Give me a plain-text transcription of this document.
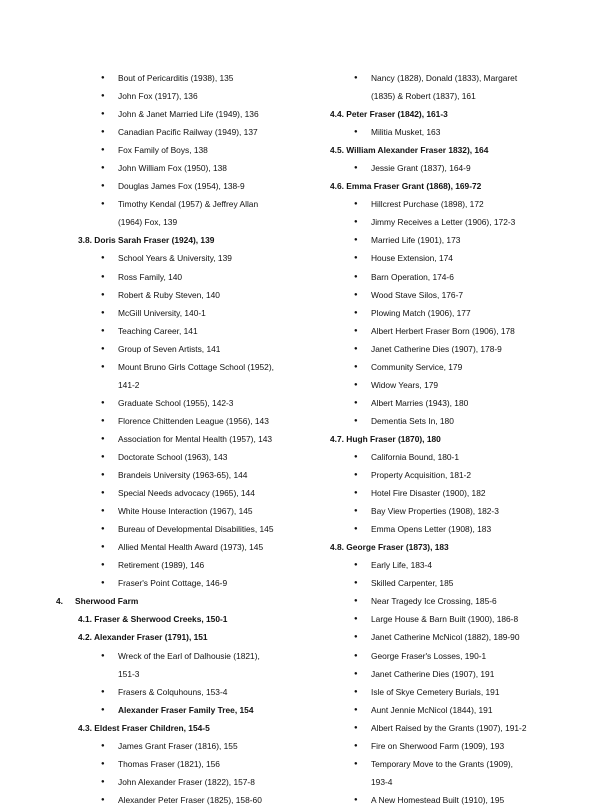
● Bout of Pericarditis (1938), 135
● John Fox (1917), 136
● John & Janet Married Life (1949), 136
● Canadian Pacific Railway (1949), 137
● Fox Family of Boys, 138
● John William Fox (1950), 138
● Douglas James Fox (1954), 138-9
● Timothy Kendal (1957) & Jeffrey Allan
(1964) Fox, 139
3.8. Doris Sarah Fraser (1924), 139
● School Years & University, 139
● Ross Family, 140
● Robert & Ruby Steven, 140
● McGill University, 140-1
● Teaching Career, 141
● Group of Seven Artists, 141
● Mount Bruno Girls Cottage School (1952),
141-2
● Graduate School (1955), 142-3
● Florence Chittenden League (1956), 143
● Association for Mental Health (1957), 143
● Doctorate School (1963), 143
● Brandeis University (1963-65), 144
● Special Needs advocacy (1965), 144
● White House Interaction (1967), 145
● Bureau of Developmental Disabilities, 145
● Allied Mental Health Award (1973), 145
● Retirement (1989), 146
● Fraser's Point Cottage, 146-9
4. Sherwood Farm
4.1. Fraser & Sherwood Creeks, 150-1
4.2. Alexander Fraser (1791), 151
● Wreck of the Earl of Dalhousie (1821),
151-3
● Frasers & Colquhouns, 153-4
● Alexander Fraser Family Tree, 154
4.3. Eldest Fraser Children, 154-5
● James Grant Fraser (1816), 155
● Thomas Fraser (1821), 156
● John Alexander Fraser (1822), 157-8
● Alexander Peter Fraser (1825), 158-60
● Nancy (1828), Donald (1833), Margaret
(1835) & Robert (1837), 161
4.4. Peter Fraser (1842), 161-3
● Militia Musket, 163
4.5. William Alexander Fraser 1832), 164
● Jessie Grant (1837), 164-9
4.6. Emma Fraser Grant (1868), 169-72
● Hillcrest Purchase (1898), 172
● Jimmy Receives a Letter (1906), 172-3
● Married Life (1901), 173
● House Extension, 174
● Barn Operation, 174-6
● Wood Stave Silos, 176-7
● Plowing Match (1906), 177
● Albert Herbert Fraser Born (1906), 178
● Janet Catherine Dies (1907), 178-9
● Community Service, 179
● Widow Years, 179
● Albert Marries (1943), 180
● Dementia Sets In, 180
4.7. Hugh Fraser (1870), 180
● California Bound, 180-1
● Property Acquisition, 181-2
● Hotel Fire Disaster (1900), 182
● Bay View Properties (1908), 182-3
● Emma Opens Letter (1908), 183
4.8. George Fraser (1873), 183
● Early Life, 183-4
● Skilled Carpenter, 185
● Near Tragedy Ice Crossing, 185-6
● Large House & Barn Built (1900), 186-8
● Janet Catherine McNicol (1882), 189-90
● George Fraser's Losses, 190-1
● Janet Catherine Dies (1907), 191
● Isle of Skye Cemetery Burials, 191
● Aunt Jennie McNicol (1844), 191
● Albert Raised by the Grants (1907), 191-2
● Fire on Sherwood Farm (1909), 193
● Temporary Move to the Grants (1909),
193-4
● A New Homestead Built (1910), 195
